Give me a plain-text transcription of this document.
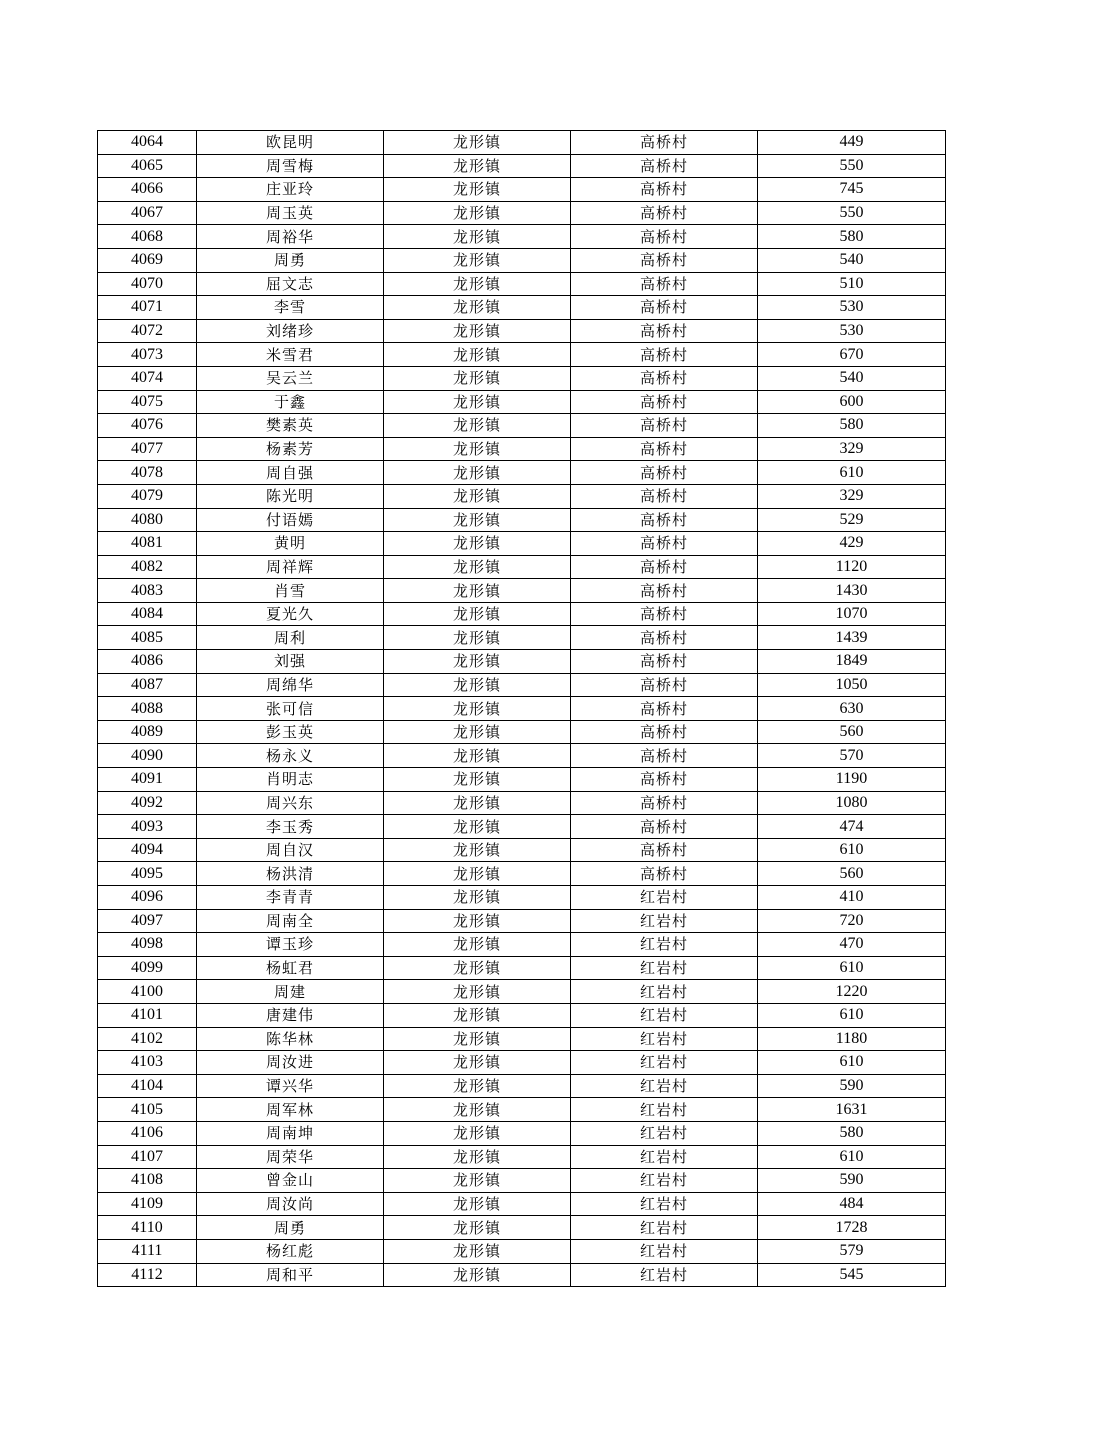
4064	欧昆明	龙形镇	高桥村	449
4065	周雪梅	龙形镇	高桥村	550
4066	庄亚玲	龙形镇	高桥村	745
4067	周玉英	龙形镇	高桥村	550
4068	周裕华	龙形镇	高桥村	580
4069	周勇	龙形镇	高桥村	540
4070	屈文志	龙形镇	高桥村	510
4071	李雪	龙形镇	高桥村	530
4072	刘绪珍	龙形镇	高桥村	530
4073	米雪君	龙形镇	高桥村	670
4074	吴云兰	龙形镇	高桥村	540
4075	于鑫	龙形镇	高桥村	600
4076	樊素英	龙形镇	高桥村	580
4077	杨素芳	龙形镇	高桥村	329
4078	周自强	龙形镇	高桥村	610
4079	陈光明	龙形镇	高桥村	329
4080	付语嫣	龙形镇	高桥村	529
4081	黄明	龙形镇	高桥村	429
4082	周祥辉	龙形镇	高桥村	1120
4083	肖雪	龙形镇	高桥村	1430
4084	夏光久	龙形镇	高桥村	1070
4085	周利	龙形镇	高桥村	1439
4086	刘强	龙形镇	高桥村	1849
4087	周绵华	龙形镇	高桥村	1050
4088	张可信	龙形镇	高桥村	630
4089	彭玉英	龙形镇	高桥村	560
4090	杨永义	龙形镇	高桥村	570
4091	肖明志	龙形镇	高桥村	1190
4092	周兴东	龙形镇	高桥村	1080
4093	李玉秀	龙形镇	高桥村	474
4094	周自汉	龙形镇	高桥村	610
4095	杨洪清	龙形镇	高桥村	560
4096	李青青	龙形镇	红岩村	410
4097	周南全	龙形镇	红岩村	720
4098	谭玉珍	龙形镇	红岩村	470
4099	杨虹君	龙形镇	红岩村	610
4100	周建	龙形镇	红岩村	1220
4101	唐建伟	龙形镇	红岩村	610
4102	陈华林	龙形镇	红岩村	1180
4103	周汝进	龙形镇	红岩村	610
4104	谭兴华	龙形镇	红岩村	590
4105	周军林	龙形镇	红岩村	1631
4106	周南坤	龙形镇	红岩村	580
4107	周荣华	龙形镇	红岩村	610
4108	曾金山	龙形镇	红岩村	590
4109	周汝尚	龙形镇	红岩村	484
4110	周勇	龙形镇	红岩村	1728
4111	杨红彪	龙形镇	红岩村	579
4112	周和平	龙形镇	红岩村	545
